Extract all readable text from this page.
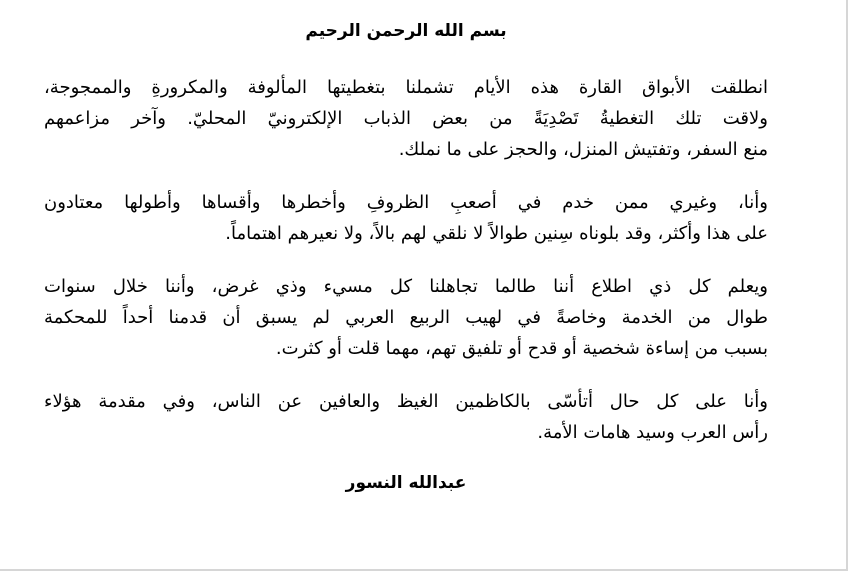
بسم الله الرحمن الرحيم
انطلقت الأبواق القارة هذه الأيام تشملنا بتغطيتها المألوفة والمكرورةِ والممجوجة،
ولاقت تلك التغطيةُ تَصْدِيَةً من بعض الذباب الإلكترونيّ المحليّ. وآخر مزاعمهم
منع السفر، وتفتيش المنزل، والحجز على ما نملك.
وأنا، وغيري ممن خدم في أصعبِ الظروفِ وأخطرها وأقساها وأطولها معتادون
على هذا وأكثر، وقد بلوناه سِنين طوالاً لا نلقي لهم بالاً، ولا نعيرهم اهتماماً.
ويعلم كل ذي اطلاع أننا طالما تجاهلنا كل مسيء وذي غرض، وأننا خلال سنوات
طوال من الخدمة وخاصةً في لهيب الربيع العربي لم يسبق أن قدمنا أحداً للمحكمة
بسبب من إساءة شخصية أو قدح أو تلفيق تهم، مهما قلت أو كثرت.
وأنا على كل حال أتأسّى بالكاظمين الغيظ والعافين عن الناس، وفي مقدمة هؤلاء
رأس العرب وسيد هامات الأمة.
عبدالله النسور
